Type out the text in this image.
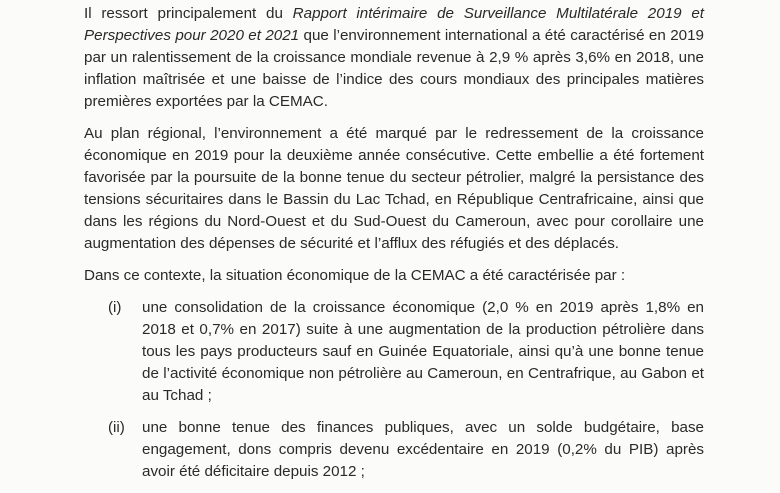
Il ressort principalement du Rapport intérimaire de Surveillance Multilatérale 2019 et Perspectives pour 2020 et 2021 que l’environnement international a été caractérisé en 2019 par un ralentissement de la croissance mondiale revenue à 2,9 % après 3,6% en 2018, une inflation maîtrisée et une baisse de l’indice des cours mondiaux des principales matières premières exportées par la CEMAC.

Au plan régional, l’environnement a été marqué par le redressement de la croissance économique en 2019 pour la deuxième année consécutive. Cette embellie a été fortement favorisée par la poursuite de la bonne tenue du secteur pétrolier, malgré la persistance des tensions sécuritaires dans le Bassin du Lac Tchad, en République Centrafricaine, ainsi que dans les régions du Nord-Ouest et du Sud-Ouest du Cameroun, avec pour corollaire une augmentation des dépenses de sécurité et l’afflux des réfugiés et des déplacés.

Dans ce contexte, la situation économique de la CEMAC a été caractérisée par :

(i)	une consolidation de la croissance économique (2,0 % en 2019 après 1,8% en 2018 et 0,7% en 2017) suite à une augmentation de la production pétrolière dans tous les pays producteurs sauf en Guinée Equatoriale, ainsi qu’à une bonne tenue de l’activité économique non pétrolière au Cameroun, en Centrafrique, au Gabon et au Tchad ;
(ii)	une bonne tenue des finances publiques, avec un solde budgétaire, base engagement, dons compris devenu excédentaire en 2019 (0,2% du PIB) après avoir été déficitaire depuis 2012 ;
